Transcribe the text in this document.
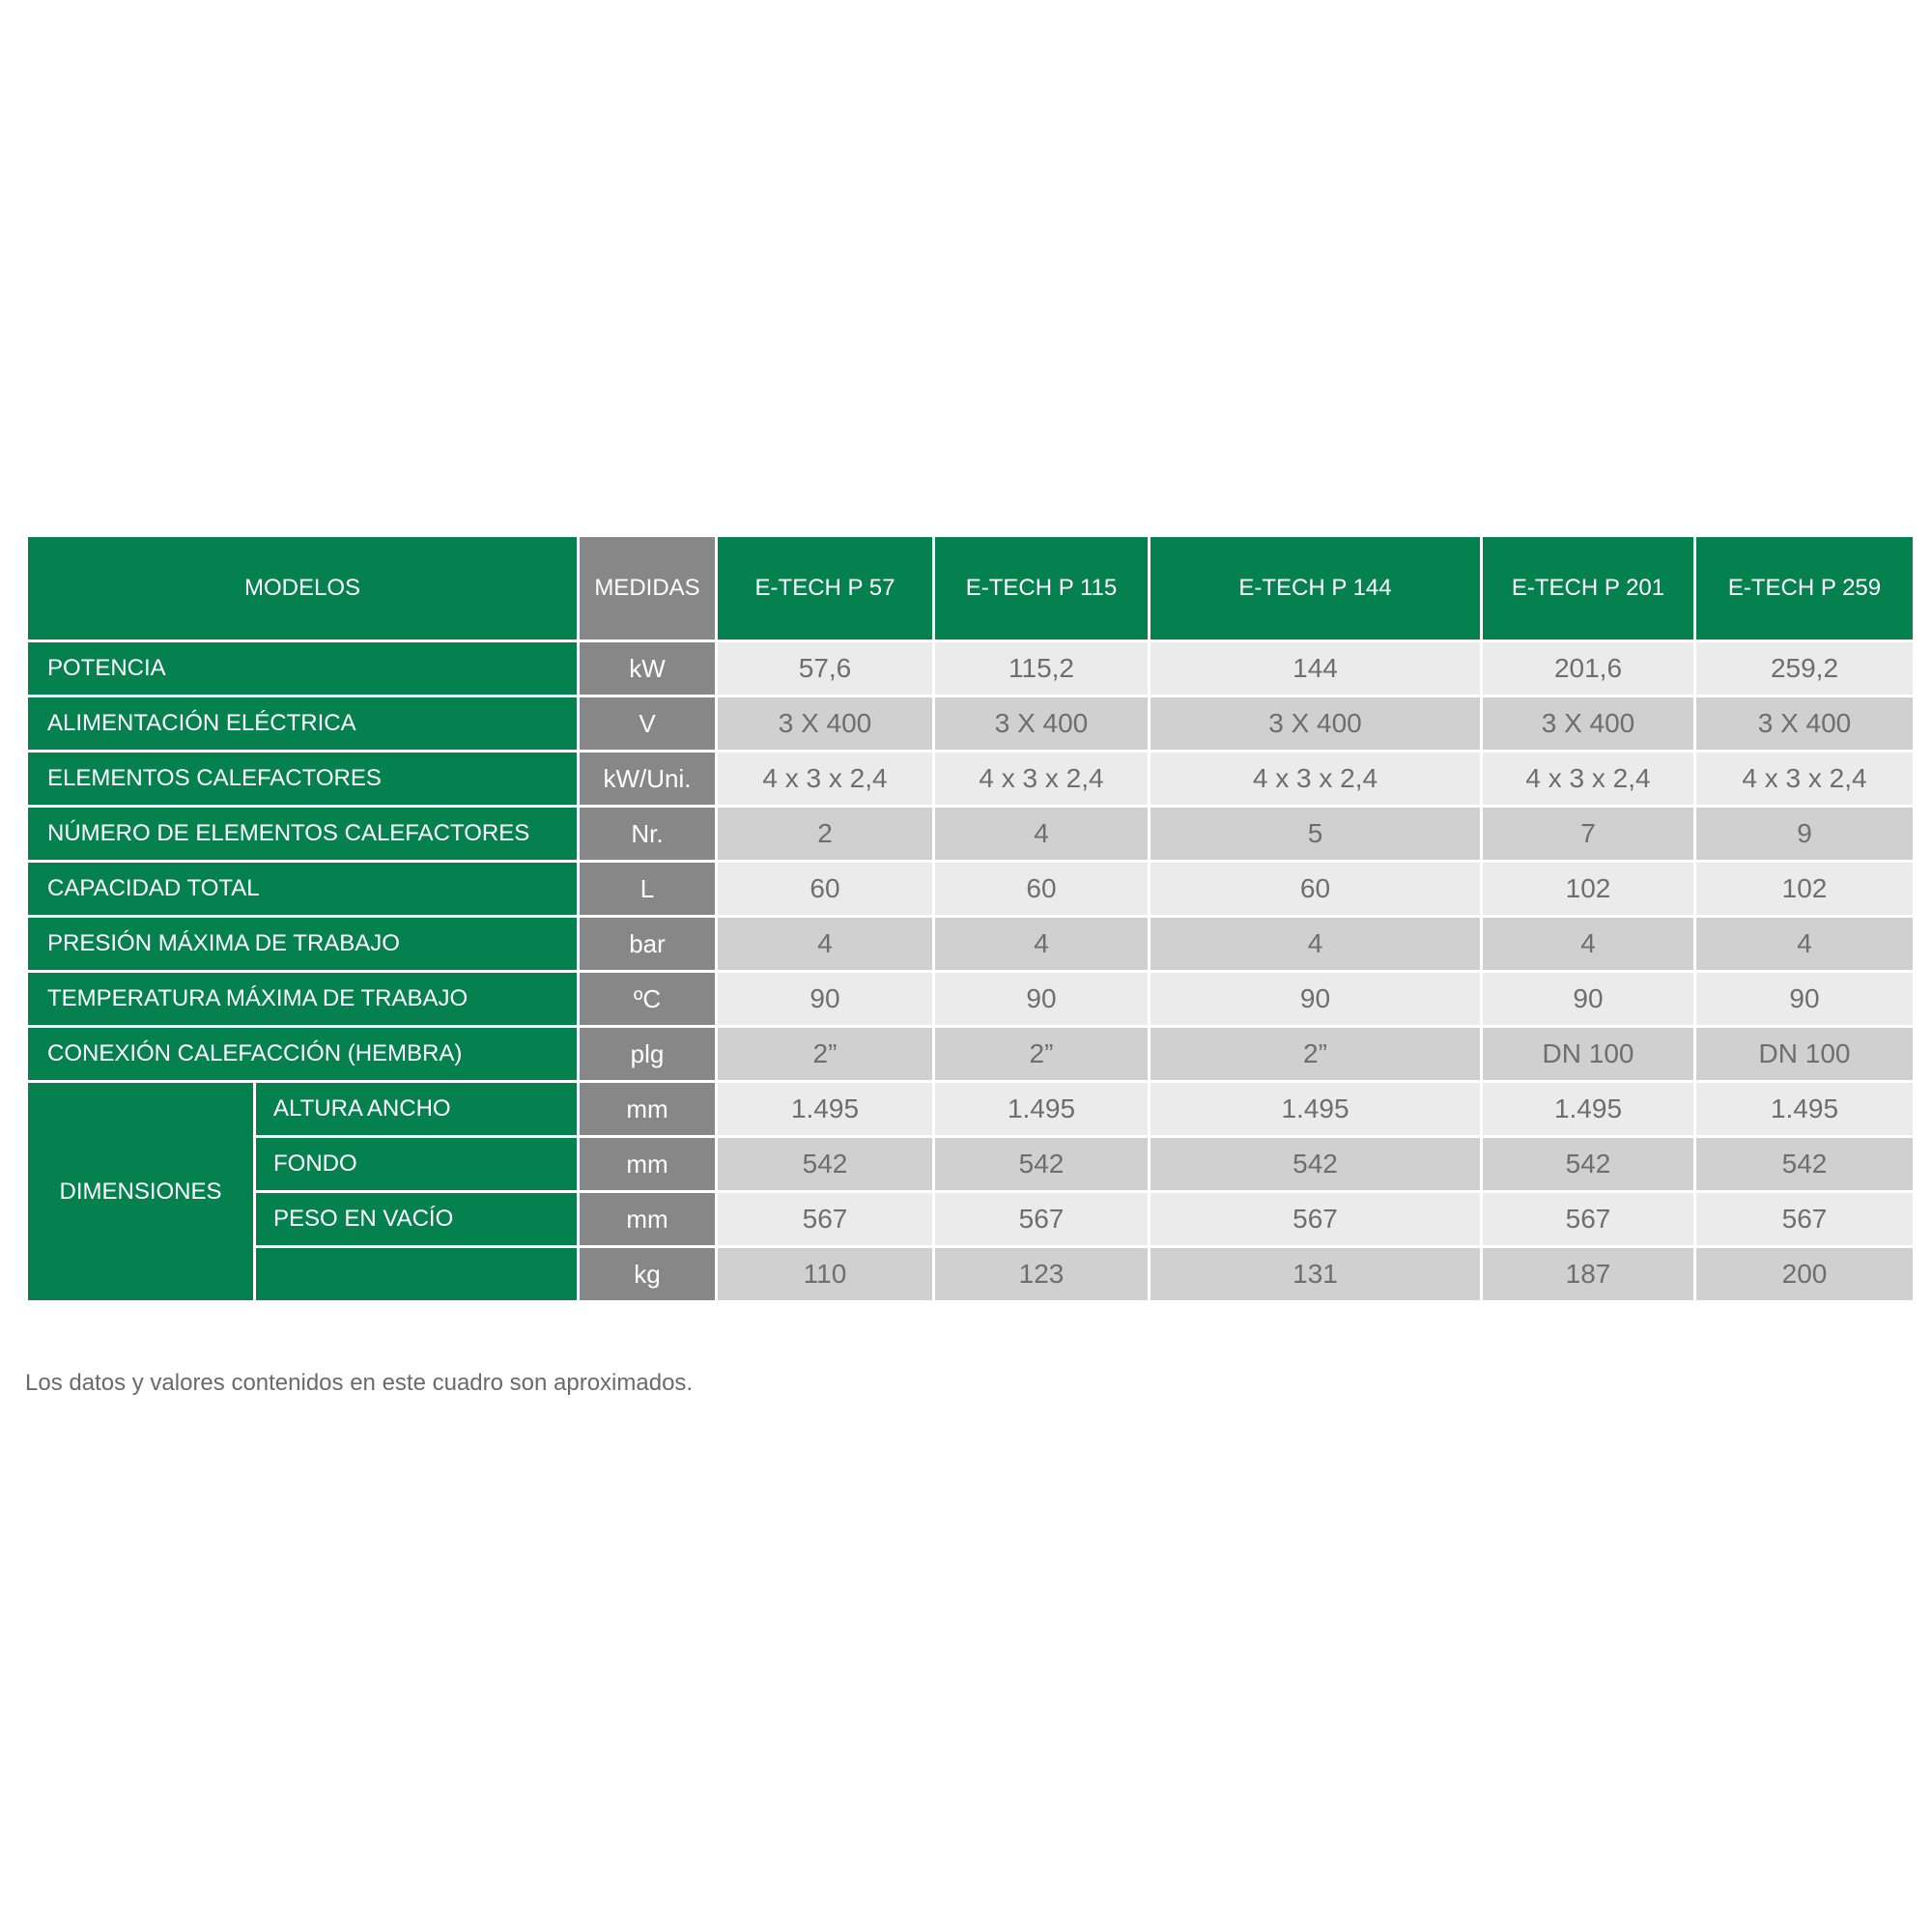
MODELOS		MEDIDAS	E-TECH P 57	E-TECH P 115	E-TECH P 144	E-TECH P 201	E-TECH P 259
POTENCIA		kW	57,6	115,2	144	201,6	259,2
ALIMENTACIÓN ELÉCTRICA		V	3 X 400	3 X 400	3 X 400	3 X 400	3 X 400
ELEMENTOS CALEFACTORES		kW/Uni.	4 x 3 x 2,4	4 x 3 x 2,4	4 x 3 x 2,4	4 x 3 x 2,4	4 x 3 x 2,4
NÚMERO DE ELEMENTOS CALEFACTORES		Nr.	2	4	5	7	9
CAPACIDAD TOTAL		L	60	60	60	102	102
PRESIÓN MÁXIMA DE TRABAJO		bar	4	4	4	4	4
TEMPERATURA MÁXIMA DE TRABAJO		ºC	90	90	90	90	90
CONEXIÓN CALEFACCIÓN (HEMBRA)		plg	2”	2”	2”	DN 100	DN 100
DIMENSIONES	ALTURA ANCHO	mm	1.495	1.495	1.495	1.495	1.495
	FONDO	mm	542	542	542	542	542
	PESO EN VACÍO	mm	567	567	567	567	567
		kg	110	123	131	187	200

Los datos y valores contenidos en este cuadro son aproximados.
